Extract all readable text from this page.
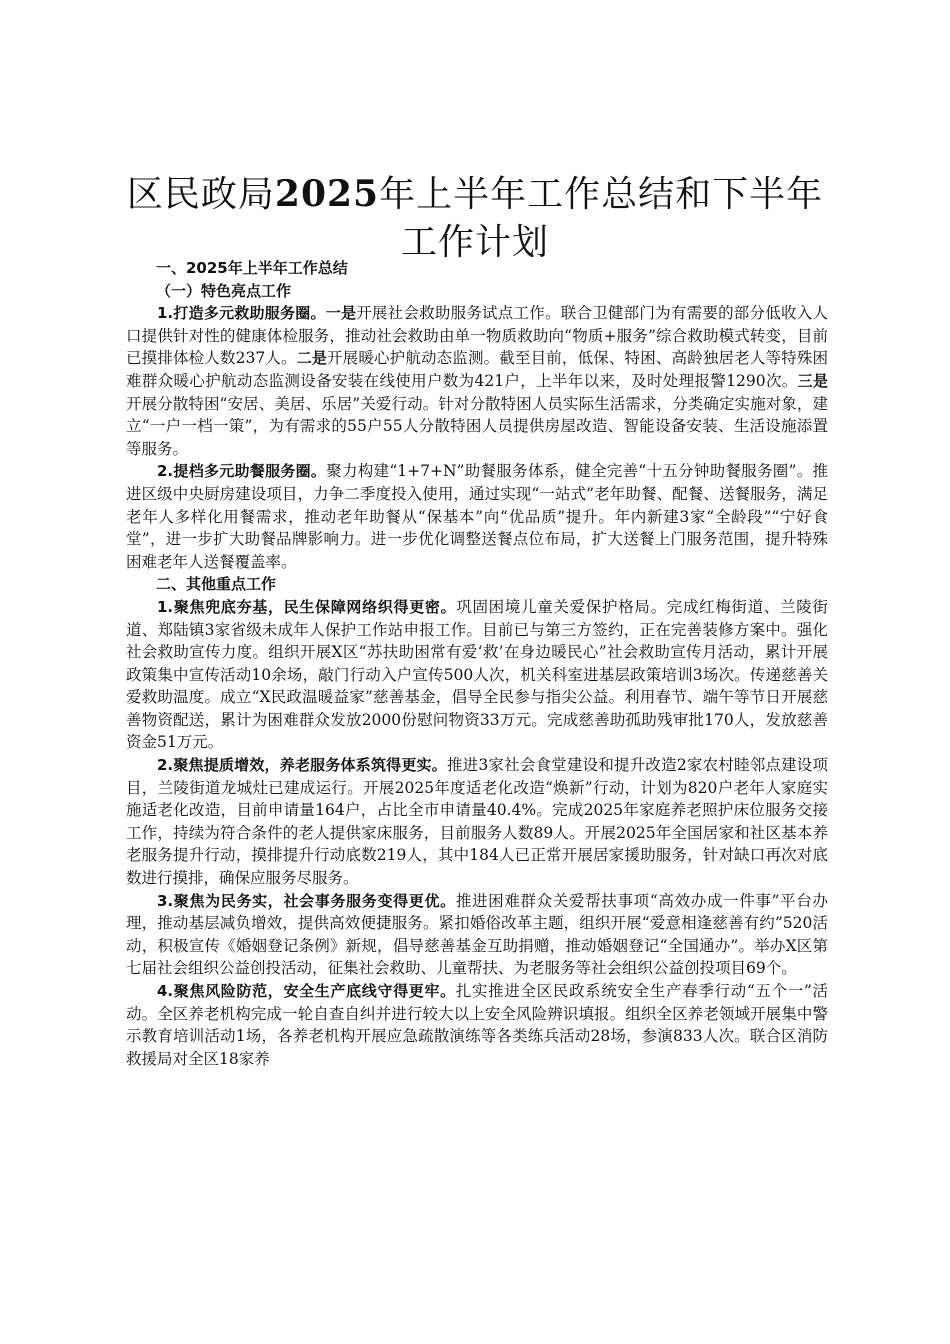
区民政局2025年上半年工作总结和下半年工作计划

一、2025年上半年工作总结

（一）特色亮点工作

1.打造多元救助服务圈。一是开展社会救助服务试点工作。联合卫健部门为有需要的部分低收入人口提供针对性的健康体检服务，推动社会救助由单一物质救助向“物质+服务”综合救助模式转变，目前已摸排体检人数237人。二是开展暖心护航动态监测。截至目前，低保、特困、高龄独居老人等特殊困难群众暖心护航动态监测设备安装在线使用户数为421户，上半年以来，及时处理报警1290次。三是开展分散特困“安居、美居、乐居”关爱行动。针对分散特困人员实际生活需求，分类确定实施对象，建立“一户一档一策”，为有需求的55户55人分散特困人员提供房屋改造、智能设备安装、生活设施添置等服务。

2.提档多元助餐服务圈。聚力构建“1+7+N”助餐服务体系，健全完善“十五分钟助餐服务圈”。推进区级中央厨房建设项目，力争二季度投入使用，通过实现“一站式”老年助餐、配餐、送餐服务，满足老年人多样化用餐需求，推动老年助餐从“保基本”向“优品质”提升。年内新建3家“全龄段”“宁好食堂”，进一步扩大助餐品牌影响力。进一步优化调整送餐点位布局，扩大送餐上门服务范围，提升特殊困难老年人送餐覆盖率。

二、其他重点工作

1.聚焦兜底夯基，民生保障网络织得更密。巩固困境儿童关爱保护格局。完成红梅街道、兰陵街道、郑陆镇3家省级未成年人保护工作站申报工作。目前已与第三方签约，正在完善装修方案中。强化社会救助宣传力度。组织开展X区“苏扶助困常有爱‘救’在身边暖民心”社会救助宣传月活动，累计开展政策集中宣传活动10余场，敲门行动入户宣传500人次，机关科室进基层政策培训3场次。传递慈善关爱救助温度。成立“X民政温暖益家”慈善基金，倡导全民参与指尖公益。利用春节、端午等节日开展慈善物资配送，累计为困难群众发放2000份慰问物资33万元。完成慈善助孤助残审批170人，发放慈善资金51万元。

2.聚焦提质增效，养老服务体系筑得更实。推进3家社会食堂建设和提升改造2家农村睦邻点建设项目，兰陵街道龙城灶已建成运行。开展2025年度适老化改造“焕新”行动，计划为820户老年人家庭实施适老化改造，目前申请量164户，占比全市申请量40.4%。完成2025年家庭养老照护床位服务交接工作，持续为符合条件的老人提供家床服务，目前服务人数89人。开展2025年全国居家和社区基本养老服务提升行动，摸排提升行动底数219人，其中184人已正常开展居家援助服务，针对缺口再次对底数进行摸排，确保应服务尽服务。

3.聚焦为民务实，社会事务服务变得更优。推进困难群众关爱帮扶事项“高效办成一件事”平台办理，推动基层减负增效，提供高效便捷服务。紧扣婚俗改革主题，组织开展“爱意相逢慈善有约”520活动，积极宣传《婚姻登记条例》新规，倡导慈善基金互助捐赠，推动婚姻登记“全国通办”。举办X区第七届社会组织公益创投活动，征集社会救助、儿童帮扶、为老服务等社会组织公益创投项目69个。

4.聚焦风险防范，安全生产底线守得更牢。扎实推进全区民政系统安全生产春季行动“五个一”活动。全区养老机构完成一轮自查自纠并进行较大以上安全风险辨识填报。组织全区养老领域开展集中警示教育培训活动1场，各养老机构开展应急疏散演练等各类练兵活动28场，参演833人次。联合区消防救援局对全区18家养
